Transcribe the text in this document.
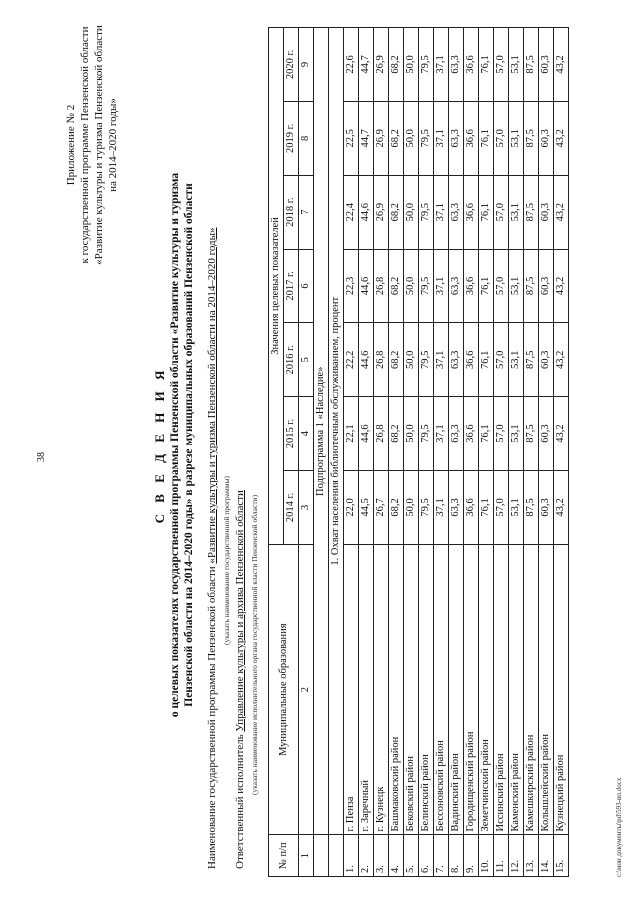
38
Приложение № 2 к государственной программе Пензенской области «Развитие культуры и туризма Пензенской области на 2014–2020 годы»
С В Е Д Е Н И Я о целевых показателях государственной программы Пензенской области «Развитие культуры и туризма Пензенской области на 2014–2020 годы» в разрезе муниципальных образований Пензенской области
Наименование государственной программы Пензенской области «Развитие культуры и туризма Пензенской области на 2014–2020 годы» (указать наименование государственной программы)
Ответственный исполнитель Управление культуры и архива Пензенской области (указать наименование исполнительного органа государственной власти Пензенской области)
№ п/п	Муниципальные образования	Значения целевых показателей						
		2014 г.	2015 г.	2016 г.	2017 г.	2018 г.	2019 г.	2020 г.
1	2	3	4	5	6	7	8	9
	Подпрограмма 1 «Наследие»							
	1. Охват населения библиотечным обслуживанием, процент							
1.	г. Пенза	22,0	22,1	22,2	22,3	22,4	22,5	22,6
2.	г. Заречный	44,5	44,6	44,6	44,6	44,6	44,7	44,7
3.	г. Кузнецк	26,7	26,8	26,8	26,8	26,9	26,9	26,9
4.	Башмаковский район	68,2	68,2	68,2	68,2	68,2	68,2	68,2
5.	Бековский район	50,0	50,0	50,0	50,0	50,0	50,0	50,0
6.	Белинский район	79,5	79,5	79,5	79,5	79,5	79,5	79,5
7.	Бессоновский район	37,1	37,1	37,1	37,1	37,1	37,1	37,1
8.	Вадинский район	63,3	63,3	63,3	63,3	63,3	63,3	63,3
9.	Городищенский район	36,6	36,6	36,6	36,6	36,6	36,6	36,6
10.	Земетчинский район	76,1	76,1	76,1	76,1	76,1	76,1	76,1
11.	Иссинский район	57,0	57,0	57,0	57,0	57,0	57,0	57,0
12.	Каменский район	53,1	53,1	53,1	53,1	53,1	53,1	53,1
13.	Камешкирский район	87,5	87,5	87,5	87,5	87,5	87,5	87,5
14.	Колышлейский район	60,3	60,3	60,3	60,3	60,3	60,3	60,3
15.	Кузнецкий район	43,2	43,2	43,2	43,2	43,2	43,2	43,2
c:\мои документы\pd\593-вп.docx
